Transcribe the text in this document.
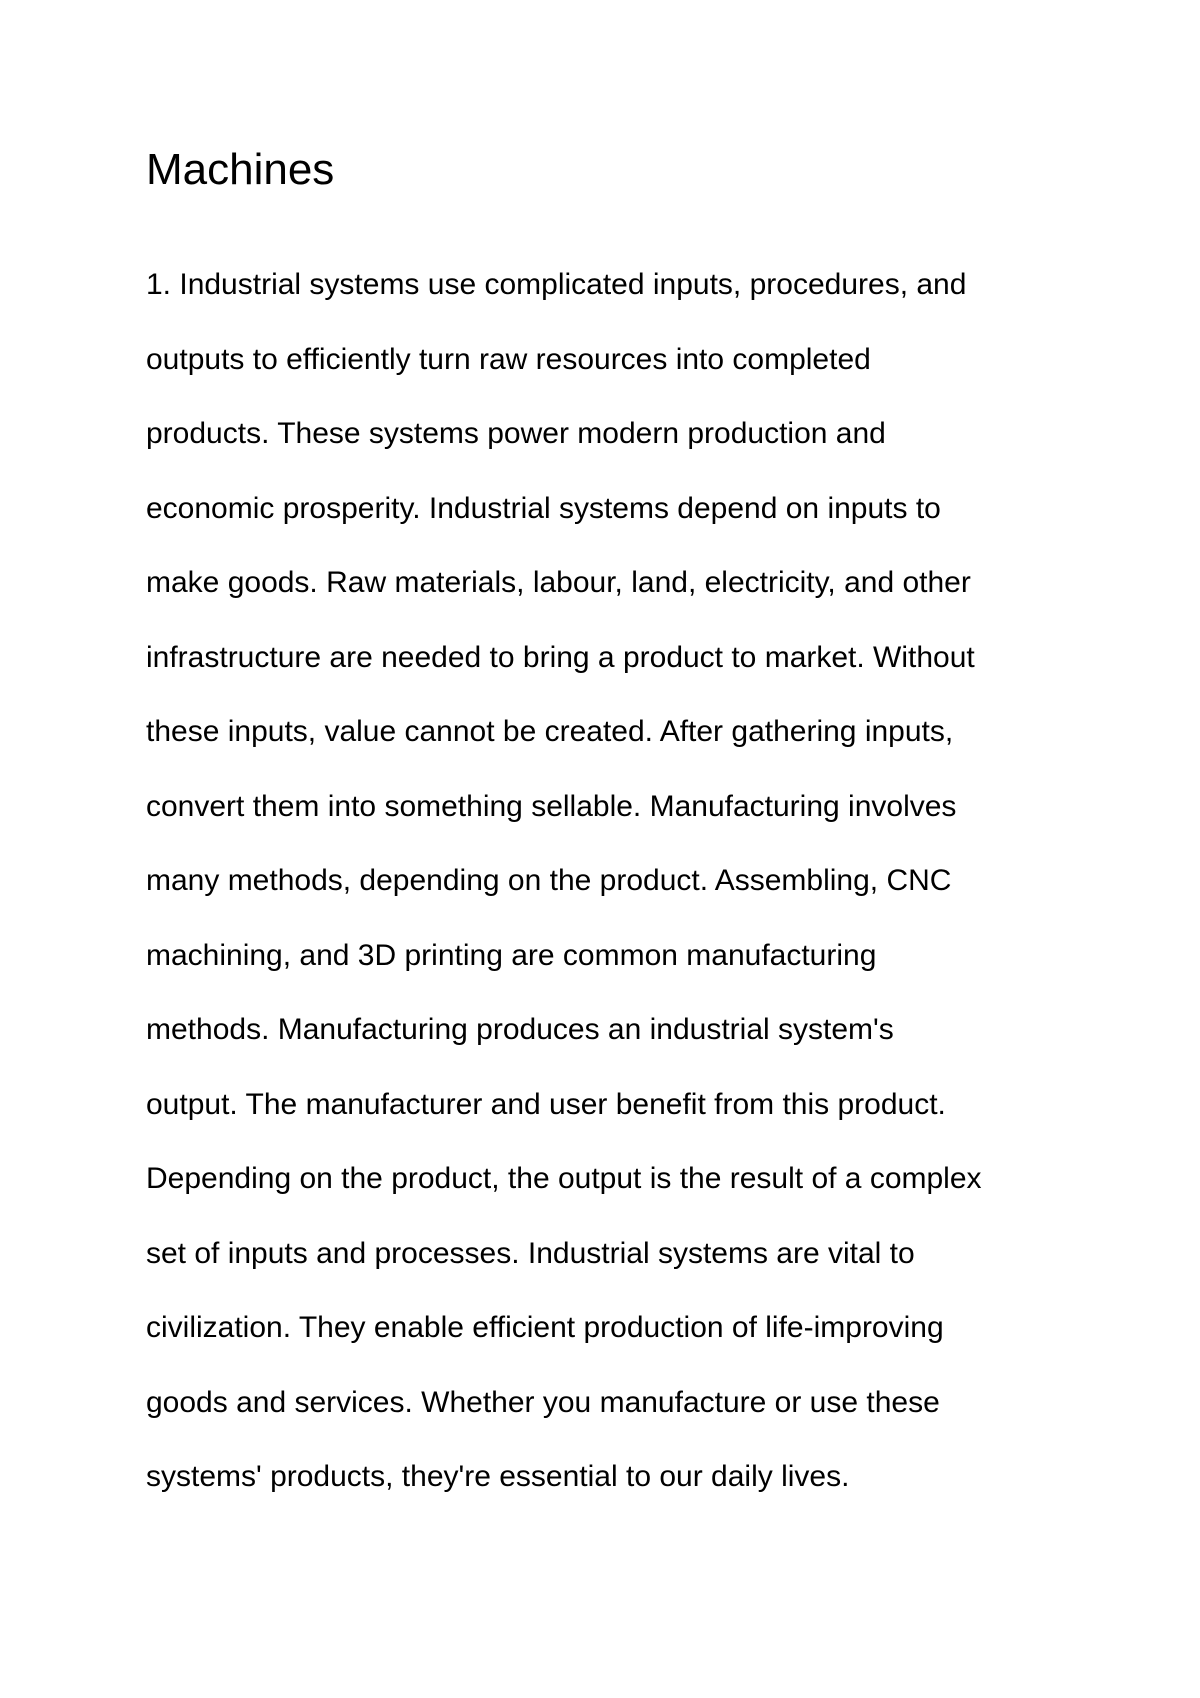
Machines
1. Industrial systems use complicated inputs, procedures, and
outputs to efficiently turn raw resources into completed
products. These systems power modern production and
economic prosperity. Industrial systems depend on inputs to
make goods. Raw materials, labour, land, electricity, and other
infrastructure are needed to bring a product to market. Without
these inputs, value cannot be created. After gathering inputs,
convert them into something sellable. Manufacturing involves
many methods, depending on the product. Assembling, CNC
machining, and 3D printing are common manufacturing
methods. Manufacturing produces an industrial system's
output. The manufacturer and user benefit from this product.
Depending on the product, the output is the result of a complex
set of inputs and processes. Industrial systems are vital to
civilization. They enable efficient production of life-improving
goods and services. Whether you manufacture or use these
systems' products, they're essential to our daily lives.
